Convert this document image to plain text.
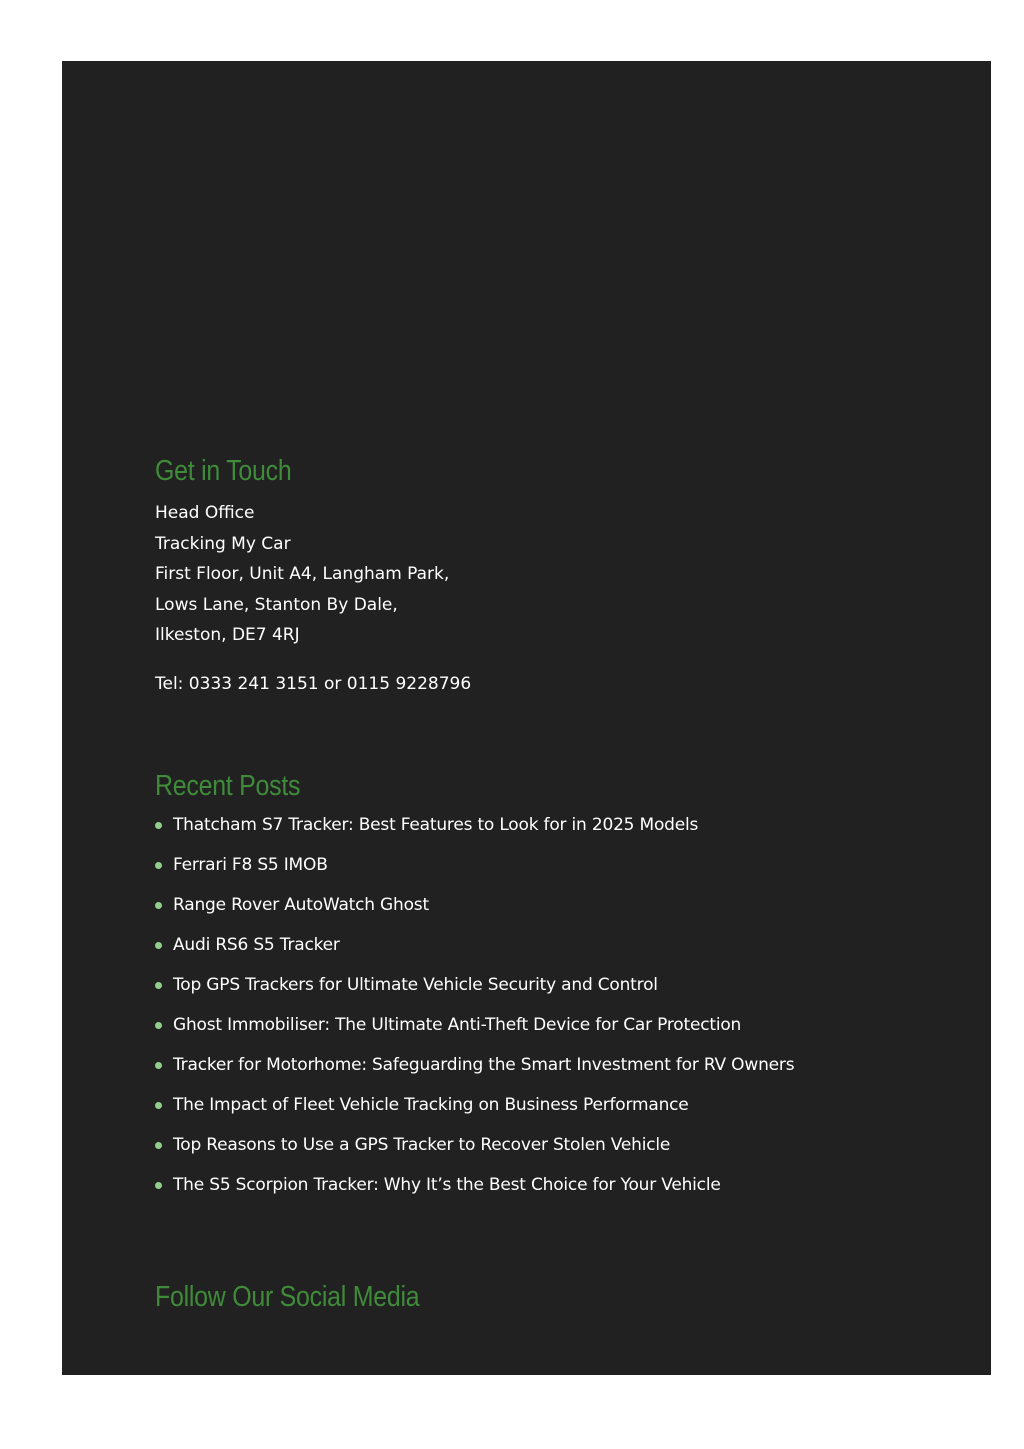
Get in Touch
Head Office
Tracking My Car
First Floor, Unit A4, Langham Park,
Lows Lane, Stanton By Dale,
Ilkeston, DE7 4RJ
Tel: 0333 241 3151 or 0115 9228796
Recent Posts
Thatcham S7 Tracker: Best Features to Look for in 2025 Models
Ferrari F8 S5 IMOB
Range Rover AutoWatch Ghost
Audi RS6 S5 Tracker
Top GPS Trackers for Ultimate Vehicle Security and Control
Ghost Immobiliser: The Ultimate Anti-Theft Device for Car Protection
Tracker for Motorhome: Safeguarding the Smart Investment for RV Owners
The Impact of Fleet Vehicle Tracking on Business Performance
Top Reasons to Use a GPS Tracker to Recover Stolen Vehicle
The S5 Scorpion Tracker: Why It’s the Best Choice for Your Vehicle
Follow Our Social Media
